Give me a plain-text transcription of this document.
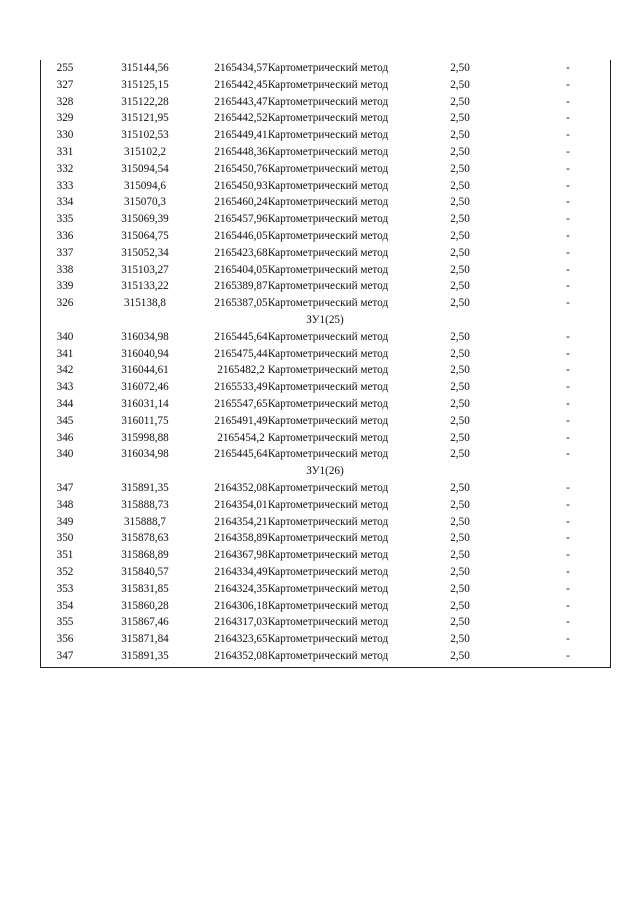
255	315144,56	2165434,57 Картометрический метод	2,50	-
327	315125,15	2165442,45 Картометрический метод	2,50	-
328	315122,28	2165443,47 Картометрический метод	2,50	-
329	315121,95	2165442,52 Картометрический метод	2,50	-
330	315102,53	2165449,41 Картометрический метод	2,50	-
331	315102,2	2165448,36 Картометрический метод	2,50	-
332	315094,54	2165450,76 Картометрический метод	2,50	-
333	315094,6	2165450,93 Картометрический метод	2,50	-
334	315070,3	2165460,24 Картометрический метод	2,50	-
335	315069,39	2165457,96 Картометрический метод	2,50	-
336	315064,75	2165446,05 Картометрический метод	2,50	-
337	315052,34	2165423,68 Картометрический метод	2,50	-
338	315103,27	2165404,05 Картометрический метод	2,50	-
339	315133,22	2165389,87 Картометрический метод	2,50	-
326	315138,8	2165387,05 Картометрический метод	2,50	-
ЗУ1(25)
340	316034,98	2165445,64 Картометрический метод	2,50	-
341	316040,94	2165475,44 Картометрический метод	2,50	-
342	316044,61	2165482,2 Картометрический метод	2,50	-
343	316072,46	2165533,49 Картометрический метод	2,50	-
344	316031,14	2165547,65 Картометрический метод	2,50	-
345	316011,75	2165491,49 Картометрический метод	2,50	-
346	315998,88	2165454,2 Картометрический метод	2,50	-
340	316034,98	2165445,64 Картометрический метод	2,50	-
ЗУ1(26)
347	315891,35	2164352,08 Картометрический метод	2,50	-
348	315888,73	2164354,01 Картометрический метод	2,50	-
349	315888,7	2164354,21 Картометрический метод	2,50	-
350	315878,63	2164358,89 Картометрический метод	2,50	-
351	315868,89	2164367,98 Картометрический метод	2,50	-
352	315840,57	2164334,49 Картометрический метод	2,50	-
353	315831,85	2164324,35 Картометрический метод	2,50	-
354	315860,28	2164306,18 Картометрический метод	2,50	-
355	315867,46	2164317,03 Картометрический метод	2,50	-
356	315871,84	2164323,65 Картометрический метод	2,50	-
347	315891,35	2164352,08 Картометрический метод	2,50	-
